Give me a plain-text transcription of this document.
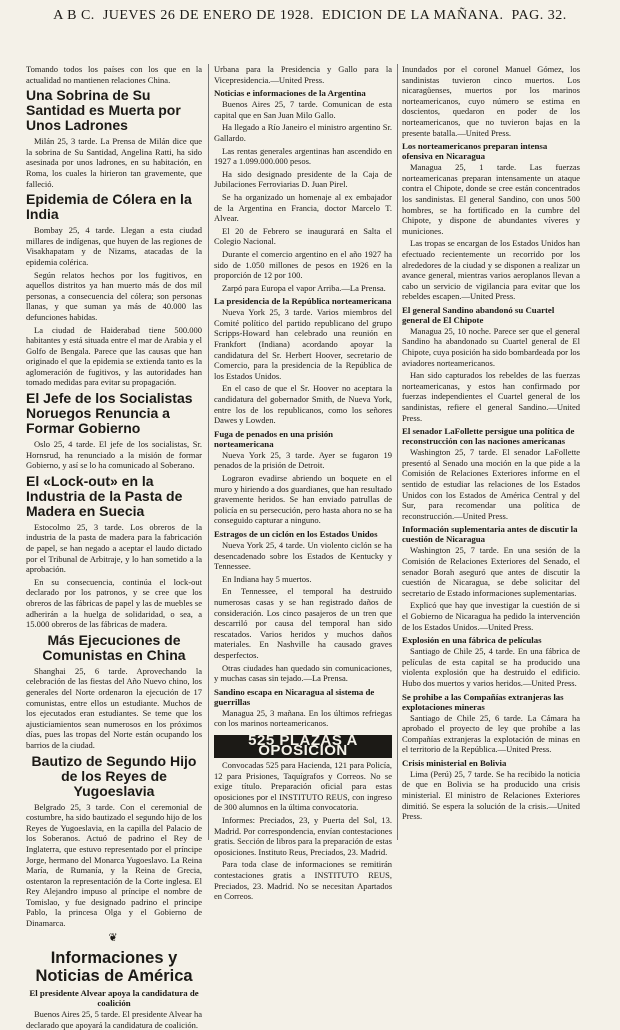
A B C. JUEVES 26 DE ENERO DE 1928. EDICION DE LA MAÑANA. PAG. 32.

Tomando todos los países con los que en la actualidad no mantienen relaciones China.

Una Sobrina de Su Santidad es Muerta por Unos Ladrones

Milán 25, 3 tarde. La Prensa de Milán dice que la sobrina de Su Santidad, Angelina Ratti, ha sido asesinada por unos ladrones, en su habitación, en Roma, los cuales la hirieron tan gravemente, que falleció.

Epidemia de Cólera en la India

Bombay 25, 4 tarde. Llegan a esta ciudad millares de indígenas, que huyen de las regiones de Visakhapatam y de Nizams, atacadas de la epidemia colérica.

Según relatos hechos por los fugitivos, en aquellos distritos ya han muerto más de dos mil personas, a consecuencia del cólera; son personas llanas, y que suman ya más de 40.000 las defunciones habidas.

La ciudad de Haiderabad tiene 500.000 habitantes y está situada entre el mar de Arabia y el Golfo de Bengala. Parece que las causas que han originado el que la epidemia se extienda tanto es la aglomeración de fugitivos, y las autoridades han tomado medidas para evitar su propagación.

El Jefe de los Socialistas Noruegos Renuncia a Formar Gobierno

Oslo 25, 4 tarde. El jefe de los socialistas, Sr. Hornsrud, ha renunciado a la misión de formar Gobierno, y así se lo ha comunicado al Soberano.

El «Lock-out» en la Industria de la Pasta de Madera en Suecia

Estocolmo 25, 3 tarde. Los obreros de la industria de la pasta de madera para la fabricación de papel, se han negado a aceptar el laudo dictado por el Tribunal de Arbitraje, y lo han sometido a la aprobación.

En su consecuencia, continúa el lock-out declarado por los patronos, y se cree que los obreros de las fábricas de papel y las de muebles se adherirán a la huelga de solidaridad, o sea, a 15.000 obreros de las fábricas de madera.

Más Ejecuciones de Comunistas en China

Shanghai 25, 6 tarde. Aprovechando la celebración de las fiestas del Año Nuevo chino, los generales del Norte ordenaron la ejecución de 17 comunistas, entre ellos un estudiante. Muchos de los ejecutados eran estudiantes. Se teme que los ajusticiamientos sean numerosos en los próximos días, pues las tropas del Norte están ocupando los barrios de la ciudad.

Bautizo de Segundo Hijo de los Reyes de Yugoeslavia

Belgrado 25, 3 tarde. Con el ceremonial de costumbre, ha sido bautizado el segundo hijo de los Reyes de Yugoeslavia, en la capilla del Palacio de los Soberanos. Actuó de padrino el Rey de Inglaterra, que estuvo representado por el príncipe Jorge, hermano del Monarca Yugoeslavo. La Reina María, de Rumanía, y la Reina de Grecia, ostentaron la representación de la Corte inglesa. El Rey Alejandro impuso al príncipe el nombre de Tomislao, y fue designado padrino el principe Pablo, la princesa Olga y el Gobierno de Dinamarca.

❦
Informaciones y Noticias de América
El presidente Alvear apoya la candidatura de coalición

Buenos Aires 25, 5 tarde. El presidente Alvear ha declarado que apoyará la candidatura de coalición.

Urbana para la Presidencia y Gallo para la Vicepresidencia.—United Press.

Noticias e informaciones de la Argentina

Buenos Aires 25, 7 tarde. Comunican de esta capital que en San Juan Milo Gallo.

Ha llegado a Río Janeiro el ministro argentino Sr. Gallardo.

Las rentas generales argentinas han ascendido en 1927 a 1.099.000.000 pesos.

Ha sido designado presidente de la Caja de Jubilaciones Ferroviarias D. Juan Pirel.

Se ha organizado un homenaje al ex embajador de la Argentina en Francia, doctor Marcelo T. Alvear.

El 20 de Febrero se inaugurará en Salta el Colegio Nacional.

Durante el comercio argentino en el año 1927 ha sido de 1.050 millones de pesos en 1926 en la proporción de 12 por 100.

Zarpó para Europa el vapor Arriba.—La Prensa.

La presidencia de la República norteamericana

Nueva York 25, 3 tarde. Varios miembros del Comité político del partido republicano del grupo Scripps-Howard han celebrado una reunión en Frankfort (Indiana) acordando apoyar la candidatura del Sr. Herbert Hoover, secretario de Comercio, para la presidencia de la República de los Estados Unidos.

En el caso de que el Sr. Hoover no aceptara la candidatura del gobernador Smith, de Nueva York, entre los de los republicanos, como los señores Dawes y Lowden.

Fuga de penados en una prisión norteamericana

Nueva York 25, 3 tarde. Ayer se fugaron 19 penados de la prisión de Detroit.

Lograron evadirse abriendo un boquete en el muro y hiriendo a dos guardianes, que han resultado gravemente heridos. Se han enviado patrullas de policía en su persecución, pero hasta ahora no se ha conseguido capturar a ninguno.

Estragos de un ciclón en los Estados Unidos

Nueva York 25, 4 tarde. Un violento ciclón se ha desencadenado sobre los Estados de Kentucky y Tennessee.

En Indiana hay 5 muertos.

En Tennessee, el temporal ha destruido numerosas casas y se han registrado daños de consideración. Los cinco pasajeros de un tren que descarriló por causa del temporal han sido rescatados. Varios heridos y muchos daños materiales. En Nashville ha causado graves desperfectos.

Otras ciudades han quedado sin comunicaciones, y muchas casas sin tejado.—La Prensa.

Sandino escapa en Nicaragua al sistema de guerrillas

Managua 25, 3 mañana. En los últimos refriegas con los marinos norteamericanos.

525 PLAZAS A OPOSICION

Convocadas 525 para Hacienda, 121 para Policía, 12 para Prisiones, Taquígrafos y Correos. No se exige título. Preparación oficial para estas oposiciones por el INSTITUTO REUS, con ingreso de 300 alumnos en la última convocatoria.

Informes: Preciados, 23, y Puerta del Sol, 13. Madrid. Por correspondencia, envían contestaciones gratis. Sección de libros para la preparación de estas oposiciones. Instituto Reus, Preciados, 23. Madrid.

Para toda clase de informaciones se remitirán contestaciones gratis a INSTITUTO REUS, Preciados, 23. Madrid. No se necesitan Apartados en Correos.

Inundados por el coronel Manuel Gómez, los sandinistas tuvieron cinco muertos. Los nicaragüenses, muertos por los marinos norteamericanos, cuyo número se estima en doscientos, quedaron en poder de los norteamericanos, que no tuvieron bajas en la presente batalla.—United Press.

Los norteamericanos preparan intensa ofensiva en Nicaragua

Managua 25, 1 tarde. Las fuerzas norteamericanas preparan intensamente un ataque contra el Chipote, donde se cree están concentrados los sandinistas. El general Sandino, con unos 500 hombres, se ha fortificado en la cumbre del Chipote, y dispone de abundantes víveres y municiones.

Las tropas se encargan de los Estados Unidos han efectuado recientemente un recorrido por los alrededores de la ciudad y se disponen a realizar un avance general, mientras varios aeroplanos llevan a cabo un servicio de vigilancia para evitar que los rebeldes escapen.—United Press.

El general Sandino abandonó su Cuartel general de El Chipote

Managua 25, 10 noche. Parece ser que el general Sandino ha abandonado su Cuartel general de El Chipote, cuya posición ha sido bombardeada por los aviadores norteamericanos.

Han sido capturados los rebeldes de las fuerzas norteamericanas, y estos han confirmado por fuerzas independientes el Cuartel general de los sandinistas, refiere el general Sandino.—United Press.

El senador LaFollette persigue una política de reconstrucción con las naciones americanas

Washington 25, 7 tarde. El senador LaFollette presentó al Senado una moción en la que pide a la Comisión de Relaciones Exteriores informe en el sentido de estudiar las relaciones de los Estados Unidos con los Estados de América Central y del Sur, para recomendar una política de reconstrucción.—United Press.

Información suplementaria antes de discutir la cuestión de Nicaragua

Washington 25, 7 tarde. En una sesión de la Comisión de Relaciones Exteriores del Senado, el senador Borah aseguró que antes de discutir la cuestión de Nicaragua, se debe solicitar del secretario de Estado informaciones suplementarias.

Explicó que hay que investigar la cuestión de si el Gobierno de Nicaragua ha pedido la intervención de los Estados Unidos.—United Press.

Explosión en una fábrica de películas

Santiago de Chile 25, 4 tarde. En una fábrica de películas de esta capital se ha producido una violenta explosión que ha destruido el edificio. Hubo dos muertos y varios heridos.—United Press.

Se prohibe a las Compañías extranjeras las explotaciones mineras

Santiago de Chile 25, 6 tarde. La Cámara ha aprobado el proyecto de ley que prohíbe a las Compañías extranjeras la explotación de minas en el territorio de la República.—United Press.

Crisis ministerial en Bolivia

Lima (Perú) 25, 7 tarde. Se ha recibido la noticia de que en Bolivia se ha producido una crisis ministerial. El ministro de Relaciones Exteriores dimitió. Se espera la solución de la crisis.—United Press.
